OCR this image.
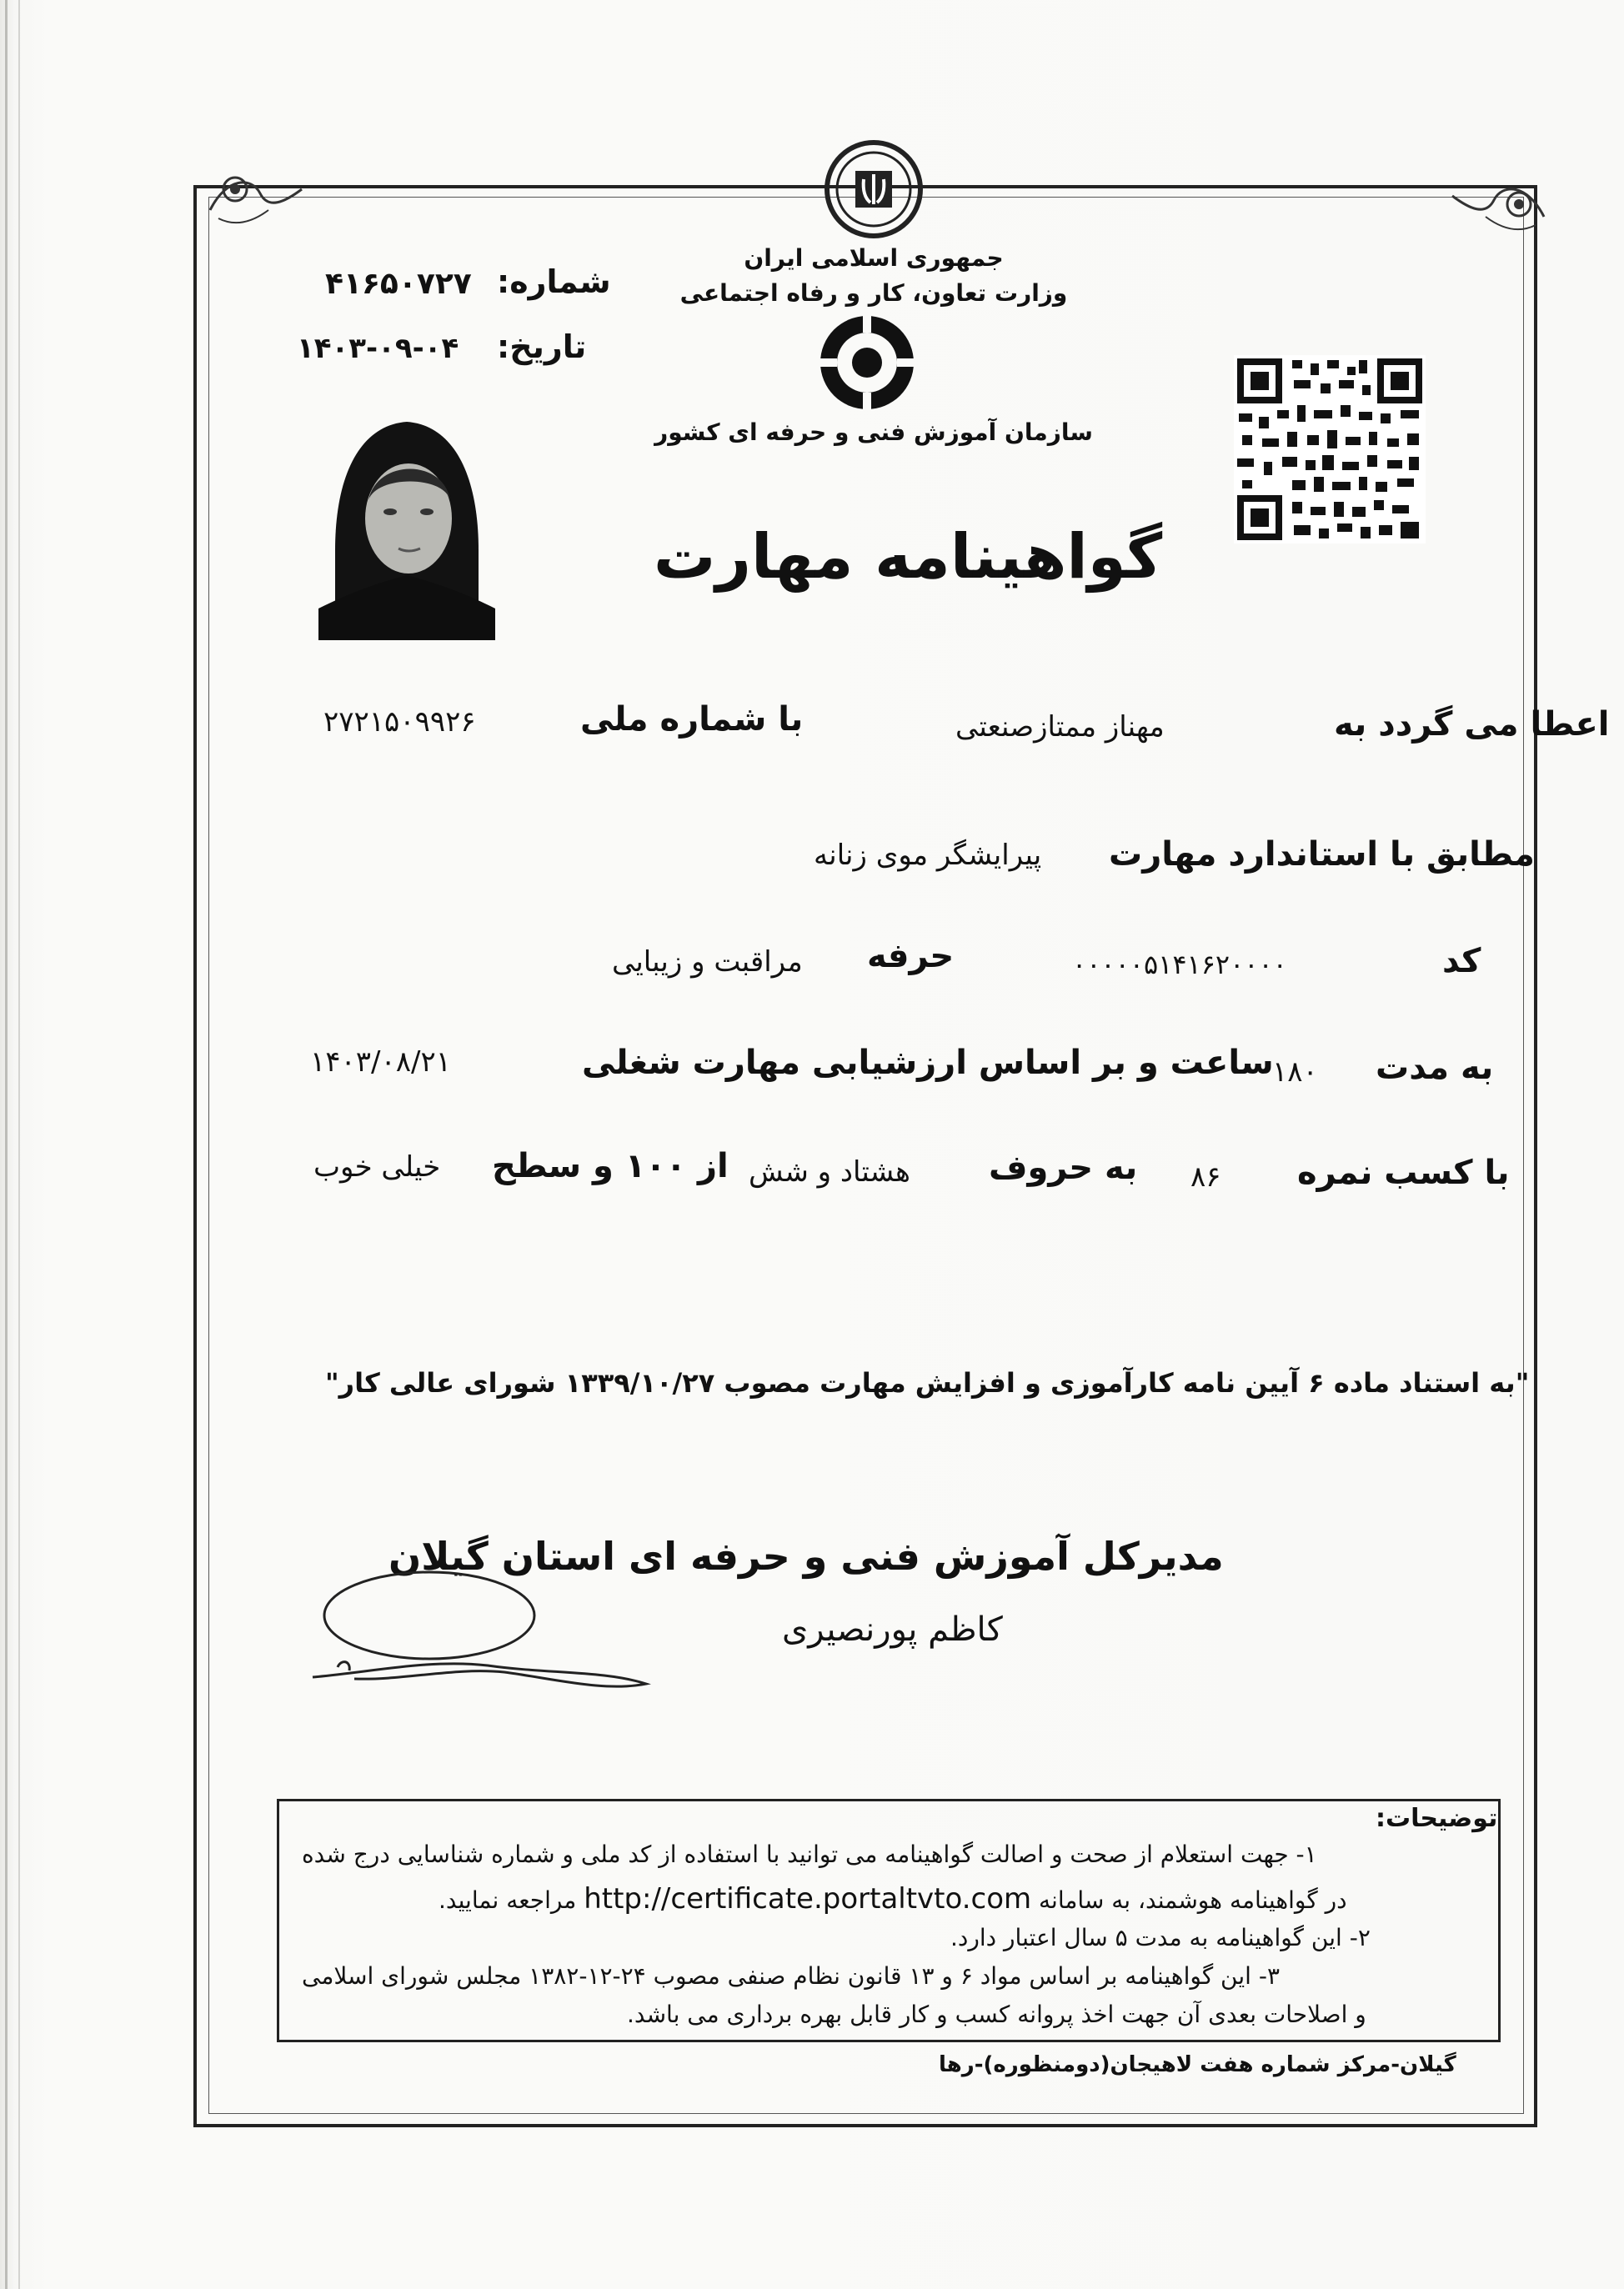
جمهوری اسلامی ایران
وزارت تعاون، کار و رفاه اجتماعی
سازمان آموزش فنی و حرفه ای کشور
شماره:
۴۱۶۵۰۷۲۷
تاریخ:
۱۴۰۳-۰۹-۰۴
گواهینامه مهارت
اعطا می گردد به
مهناز ممتازصنعتی
با شماره ملی
۲۷۲۱۵۰۹۹۲۶
مطابق با استاندارد مهارت
پیرایشگر موی زنانه
کد
۰۰۰۰۰۵۱۴۱۶۲۰۰۰۰
حرفه
مراقبت و زیبایی
به مدت
۱۸۰
ساعت و بر اساس ارزشیابی مهارت شغلی
۱۴۰۳/۰۸/۲۱
با کسب نمره
۸۶
به حروف
هشتاد و شش
از ۱۰۰ و سطح
خیلی خوب
"به استناد ماده ۶ آیین نامه کارآموزی و افزایش مهارت مصوب ۱۳۳۹/۱۰/۲۷ شورای عالی کار"
مدیرکل آموزش فنی و حرفه ای استان گیلان
کاظم پورنصیری
توضیحات:
۱- جهت استعلام از صحت و اصالت گواهینامه می توانید با استفاده از کد ملی و شماره شناسایی درج شده
در گواهینامه هوشمند، به سامانه http://certificate.portaltvto.com مراجعه نمایید.
۲- این گواهینامه به مدت ۵ سال اعتبار دارد.
۳- این گواهینامه بر اساس مواد ۶ و ۱۳ قانون نظام صنفی مصوب ۲۴-۱۲-۱۳۸۲ مجلس شورای اسلامی
و اصلاحات بعدی آن جهت اخذ پروانه کسب و کار قابل بهره برداری می باشد.
گیلان-مرکز شماره هفت لاهیجان(دومنظوره)-رها
